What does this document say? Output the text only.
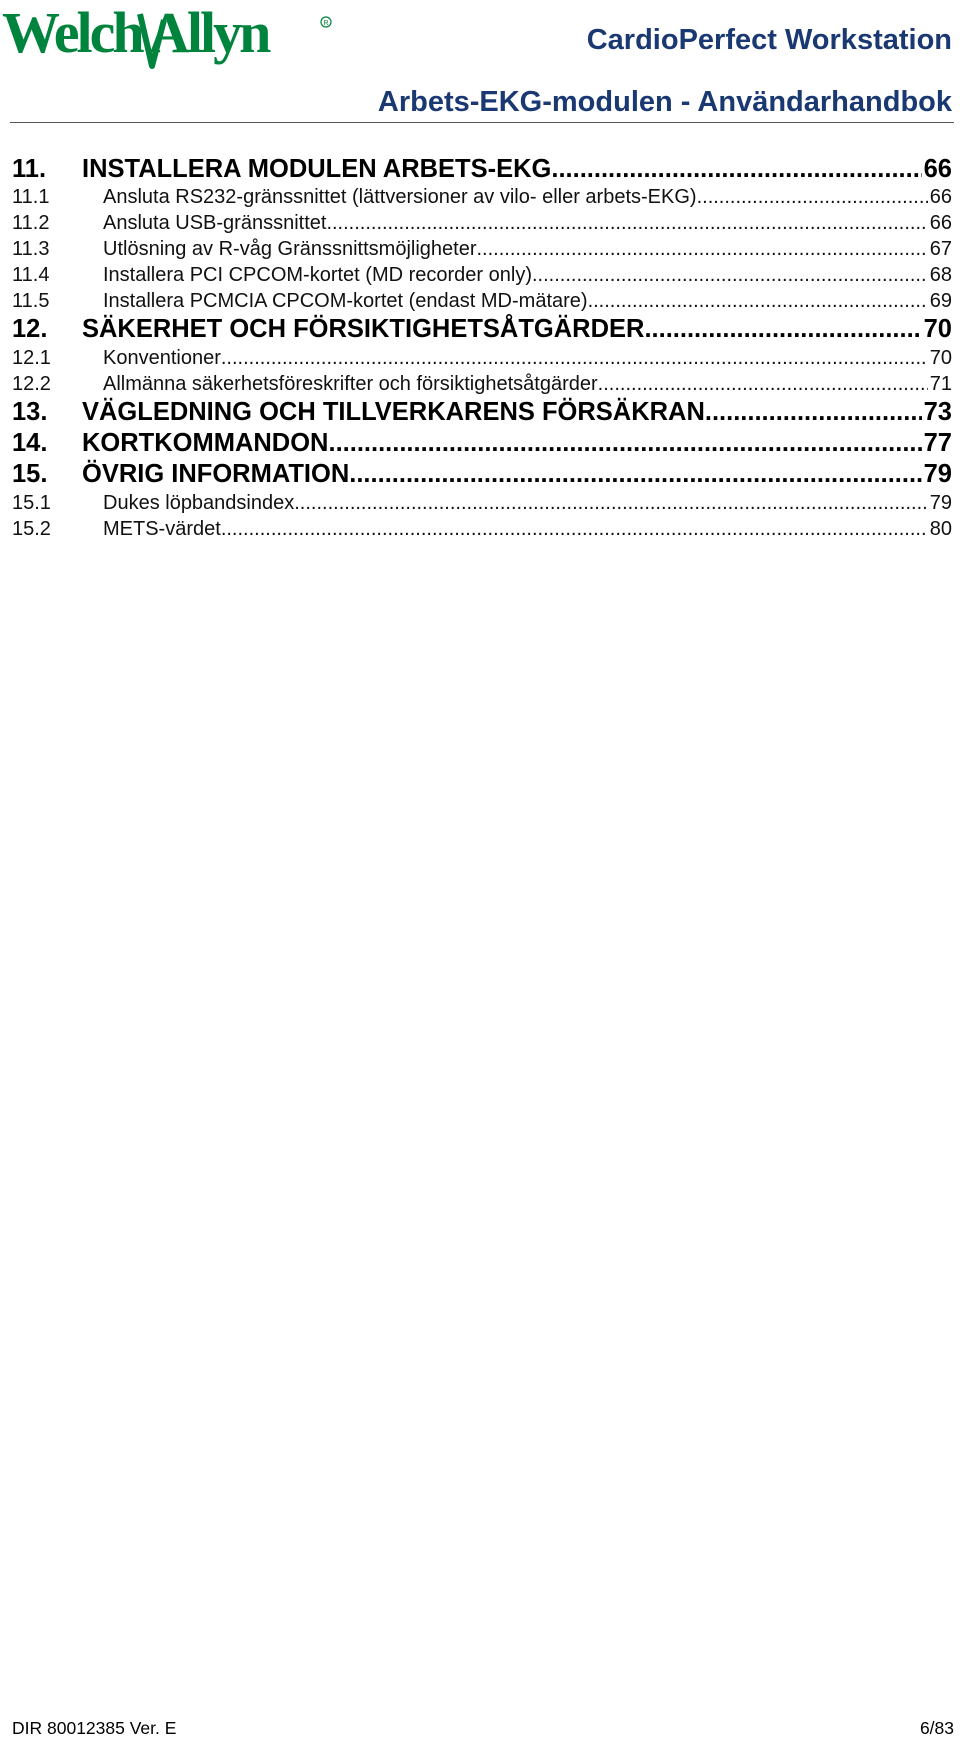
Welch Allyn	R
CardioPerfect Workstation
Arbets-EKG-modulen - Användarhandbok
11.	INSTALLERA MODULEN ARBETS-EKG .....	66
11.1	Ansluta RS232-gränssnittet (lättversioner av vilo- eller arbets-EKG) .....	66
11.2	Ansluta USB-gränssnittet .....	66
11.3	Utlösning av R-våg Gränssnittsmöjligheter .....	67
11.4	Installera PCI CPCOM-kortet (MD recorder only) .....	68
11.5	Installera PCMCIA CPCOM-kortet (endast MD-mätare) .....	69
12.	SÄKERHET OCH FÖRSIKTIGHETSÅTGÄRDER .....	70
12.1	Konventioner .....	70
12.2	Allmänna säkerhetsföreskrifter och försiktighetsåtgärder .....	71
13.	VÄGLEDNING OCH TILLVERKARENS FÖRSÄKRAN .....	73
14.	KORTKOMMANDON .....	77
15.	ÖVRIG INFORMATION .....	79
15.1	Dukes löpbandsindex .....	79
15.2	METS-värdet .....	80
DIR 80012385 Ver. E	6/83
